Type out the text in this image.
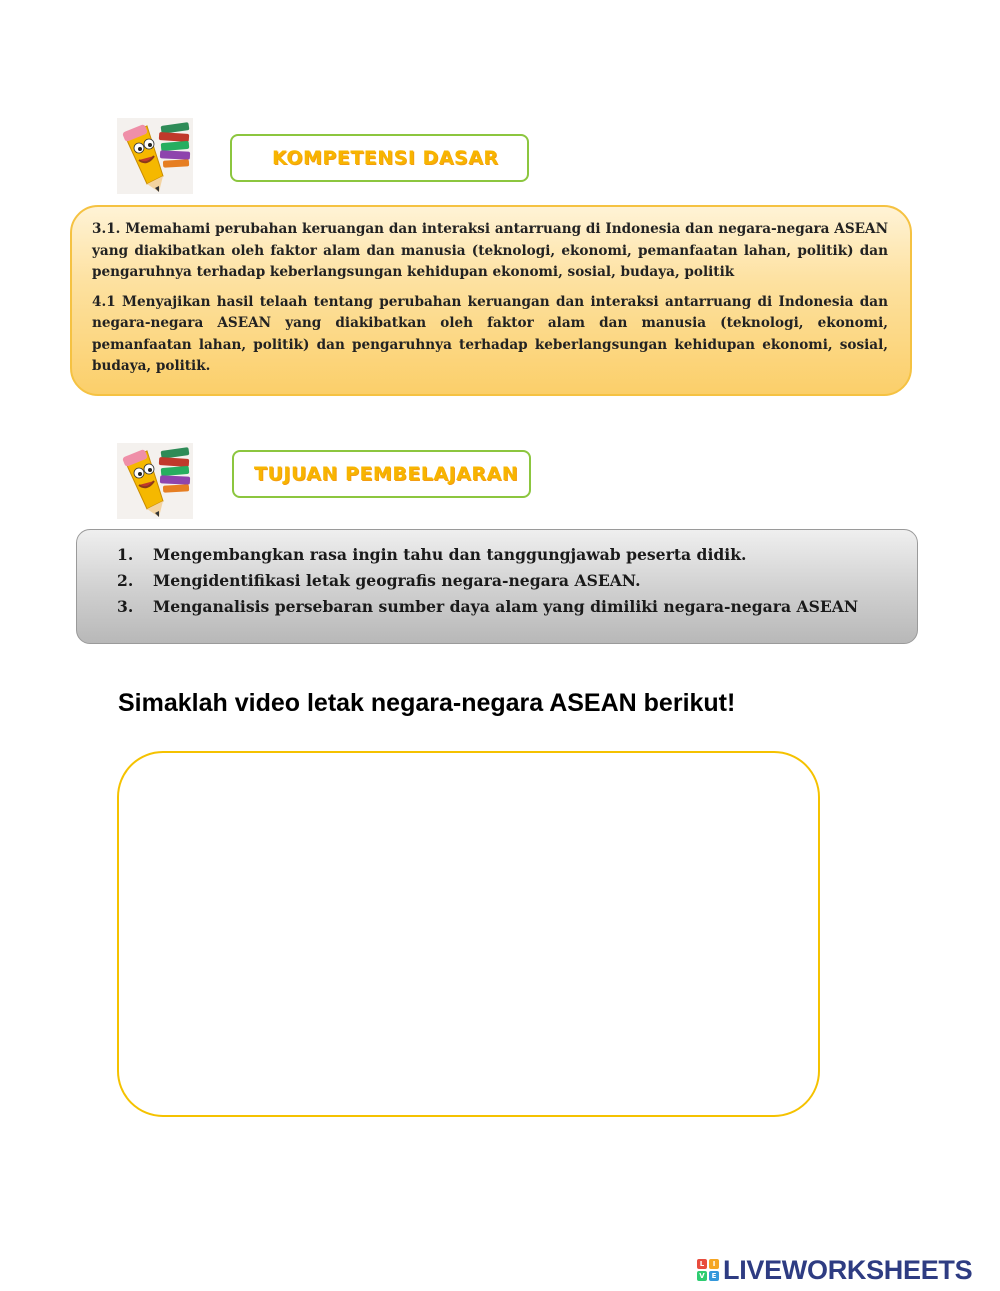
KOMPETENSI DASAR

3.1. Memahami perubahan keruangan dan interaksi antarruang di Indonesia dan negara-negara ASEAN yang diakibatkan oleh faktor alam dan manusia (teknologi, ekonomi, pemanfaatan lahan, politik) dan pengaruhnya terhadap keberlangsungan kehidupan ekonomi, sosial, budaya, politik

4.1 Menyajikan hasil telaah tentang perubahan keruangan dan interaksi antarruang di Indonesia dan negara-negara ASEAN yang diakibatkan oleh faktor alam dan manusia (teknologi, ekonomi, pemanfaatan lahan, politik) dan pengaruhnya terhadap keberlangsungan kehidupan ekonomi, sosial, budaya, politik.

TUJUAN PEMBELAJARAN
1.	Mengembangkan rasa ingin tahu dan tanggungjawab peserta didik.
2.	Mengidentifikasi letak geografis negara-negara ASEAN.
3.	Menganalisis persebaran sumber daya alam yang dimiliki negara-negara ASEAN
Simaklah video letak negara-negara ASEAN berikut!
L	I
V E LIVEWORKSHEETS
